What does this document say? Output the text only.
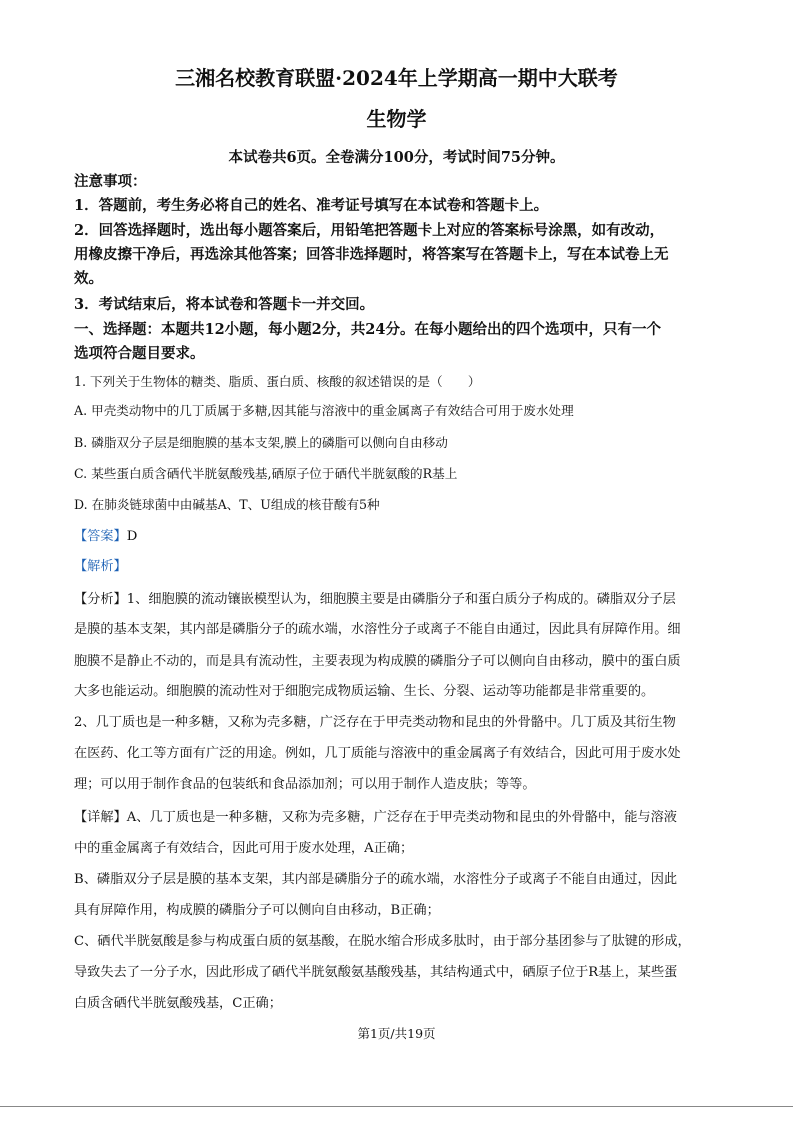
三湘名校教育联盟·2024年上学期高一期中大联考
生物学
本试卷共6页。全卷满分100分，考试时间75分钟。
注意事项：
1．答题前，考生务必将自己的姓名、准考证号填写在本试卷和答题卡上。
2．回答选择题时，选出每小题答案后，用铅笔把答题卡上对应的答案标号涂黑，如有改动，
用橡皮擦干净后，再选涂其他答案；回答非选择题时，将答案写在答题卡上，写在本试卷上无
效。
3．考试结束后，将本试卷和答题卡一并交回。
一、选择题：本题共12小题，每小题2分，共24分。在每小题给出的四个选项中，只有一个
选项符合题目要求。
1. 下列关于生物体的糖类、脂质、蛋白质、核酸的叙述错误的是（　　）
A. 甲壳类动物中的几丁质属于多糖,因其能与溶液中的重金属离子有效结合可用于废水处理
B. 磷脂双分子层是细胞膜的基本支架,膜上的磷脂可以侧向自由移动
C. 某些蛋白质含硒代半胱氨酸残基,硒原子位于硒代半胱氨酸的R基上
D. 在肺炎链球菌中由碱基A、T、U组成的核苷酸有5种
【答案】D
【解析】
【分析】1、细胞膜的流动镶嵌模型认为，细胞膜主要是由磷脂分子和蛋白质分子构成的。磷脂双分子层
是膜的基本支架，其内部是磷脂分子的疏水端，水溶性分子或离子不能自由通过，因此具有屏障作用。细
胞膜不是静止不动的，而是具有流动性，主要表现为构成膜的磷脂分子可以侧向自由移动，膜中的蛋白质
大多也能运动。细胞膜的流动性对于细胞完成物质运输、生长、分裂、运动等功能都是非常重要的。
2、几丁质也是一种多糖，又称为壳多糖，广泛存在于甲壳类动物和昆虫的外骨骼中。几丁质及其衍生物
在医药、化工等方面有广泛的用途。例如，几丁质能与溶液中的重金属离子有效结合，因此可用于废水处
理；可以用于制作食品的包装纸和食品添加剂；可以用于制作人造皮肤；等等。
【详解】A、几丁质也是一种多糖，又称为壳多糖，广泛存在于甲壳类动物和昆虫的外骨骼中，能与溶液
中的重金属离子有效结合，因此可用于废水处理，A正确；
B、磷脂双分子层是膜的基本支架，其内部是磷脂分子的疏水端，水溶性分子或离子不能自由通过，因此
具有屏障作用，构成膜的磷脂分子可以侧向自由移动，B正确；
C、硒代半胱氨酸是参与构成蛋白质的氨基酸，在脱水缩合形成多肽时，由于部分基团参与了肽键的形成，
导致失去了一分子水，因此形成了硒代半胱氨酸氨基酸残基，其结构通式中，硒原子位于R基上，某些蛋
白质含硒代半胱氨酸残基，C正确；
第1页/共19页
